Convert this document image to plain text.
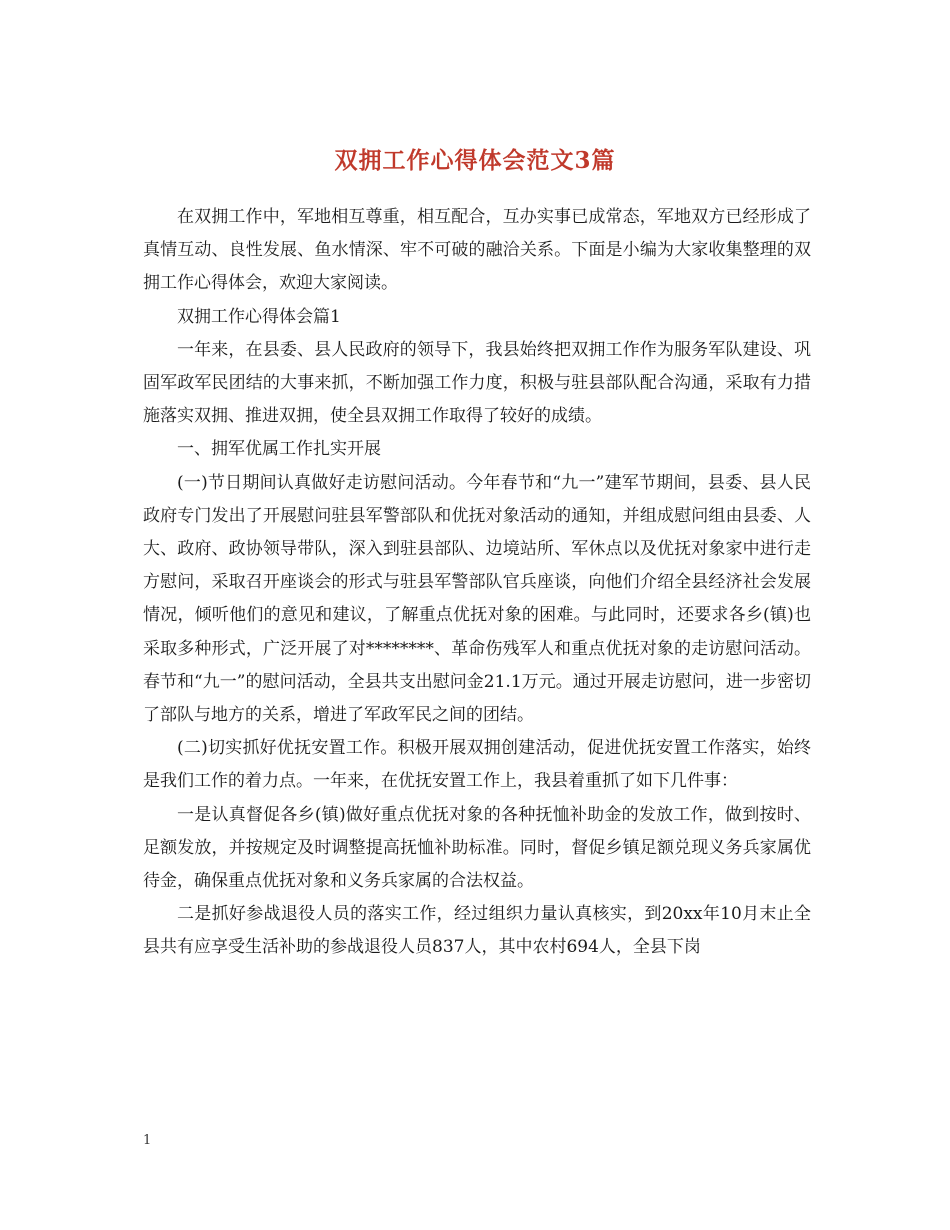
双拥工作心得体会范文3篇

在双拥工作中，军地相互尊重，相互配合，互办实事已成常态，军地双方已经形成了真情互动、良性发展、鱼水情深、牢不可破的融洽关系。下面是小编为大家收集整理的双拥工作心得体会，欢迎大家阅读。

双拥工作心得体会篇1

一年来，在县委、县人民政府的领导下，我县始终把双拥工作作为服务军队建设、巩固军政军民团结的大事来抓，不断加强工作力度，积极与驻县部队配合沟通，采取有力措施落实双拥、推进双拥，使全县双拥工作取得了较好的成绩。

一、拥军优属工作扎实开展

(一)节日期间认真做好走访慰问活动。今年春节和“九一”建军节期间，县委、县人民政府专门发出了开展慰问驻县军警部队和优抚对象活动的通知，并组成慰问组由县委、人大、政府、政协领导带队，深入到驻县部队、边境站所、军休点以及优抚对象家中进行走方慰问，采取召开座谈会的形式与驻县军警部队官兵座谈，向他们介绍全县经济社会发展情况，倾听他们的意见和建议，了解重点优抚对象的困难。与此同时，还要求各乡(镇)也采取多种形式，广泛开展了对********、革命伤残军人和重点优抚对象的走访慰问活动。春节和“九一”的慰问活动，全县共支出慰问金21.1万元。通过开展走访慰问，进一步密切了部队与地方的关系，增进了军政军民之间的团结。

(二)切实抓好优抚安置工作。积极开展双拥创建活动，促进优抚安置工作落实，始终是我们工作的着力点。一年来，在优抚安置工作上，我县着重抓了如下几件事：

一是认真督促各乡(镇)做好重点优抚对象的各种抚恤补助金的发放工作，做到按时、足额发放，并按规定及时调整提高抚恤补助标准。同时，督促乡镇足额兑现义务兵家属优待金，确保重点优抚对象和义务兵家属的合法权益。

二是抓好参战退役人员的落实工作，经过组织力量认真核实，到20xx年10月末止全县共有应享受生活补助的参战退役人员837人，其中农村694人，全县下岗

1
